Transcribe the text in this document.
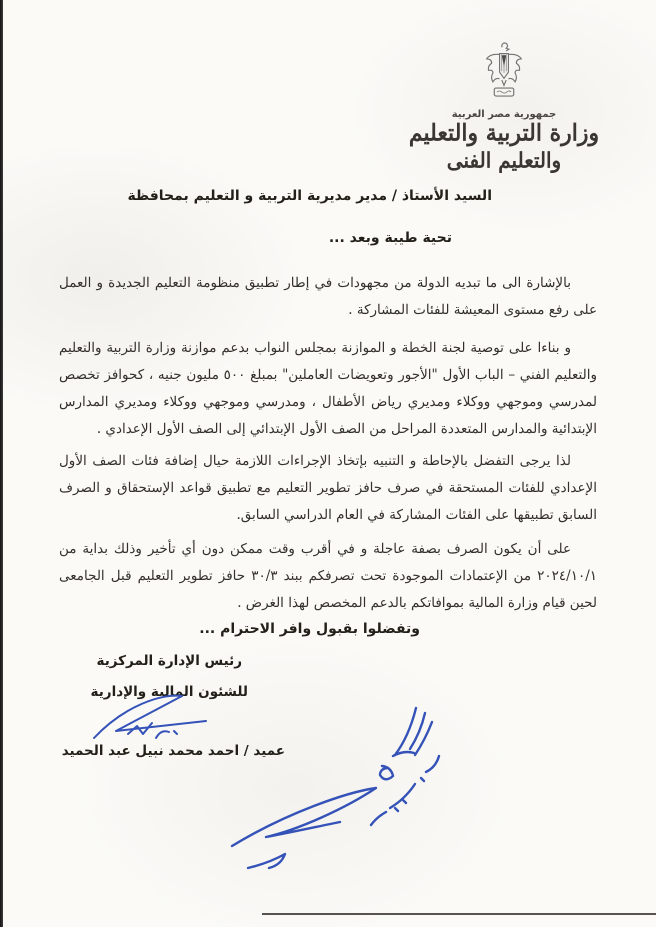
جمهورية مصر العربية
وزارة التربية والتعليم
والتعليم الفنى
السيد الأستاذ / مدير مديرية التربية و التعليم بمحافظة
تحية طيبة وبعد ...

بالإشارة الى ما تبديه الدولة من مجهودات في إطار تطبيق منظومة التعليم الجديدة و العمل على رفع مستوى المعيشة للفئات المشاركة .

و بناءا على توصية لجنة الخطة و الموازنة بمجلس النواب بدعم موازنة وزارة التربية والتعليم والتعليم الفني – الباب الأول "الأجور وتعويضات العاملين" بمبلغ ٥٠٠ مليون جنيه ، كحوافز تخصص لمدرسي وموجهي ووكلاء ومديري رياض الأطفال ، ومدرسي وموجهي ووكلاء ومديري المدارس الإبتدائية والمدارس المتعددة المراحل من الصف الأول الإبتدائي إلى الصف الأول الإعدادي .

لذا يرجى التفضل بالإحاطة و التنبيه بإتخاذ الإجراءات اللازمة حيال إضافة فئات الصف الأول الإعدادي للفئات المستحقة في صرف حافز تطوير التعليم مع تطبيق قواعد الإستحقاق و الصرف السابق تطبيقها على الفئات المشاركة في العام الدراسي السابق.

على أن يكون الصرف بصفة عاجلة و في أقرب وقت ممكن دون أي تأخير وذلك بداية من ٢٠٢٤/١٠/١ من الإعتمادات الموجودة تحت تصرفكم ببند ٣٠/٣ حافز تطوير التعليم قبل الجامعى لحين قيام وزارة المالية بموافاتكم بالدعم المخصص لهذا الغرض .

وتفضلوا بقبول وافر الاحترام ...
رئيس الإدارة المركزية
للشئون المالية والإدارية
عميد / احمد محمد نبيل عبد الحميد
